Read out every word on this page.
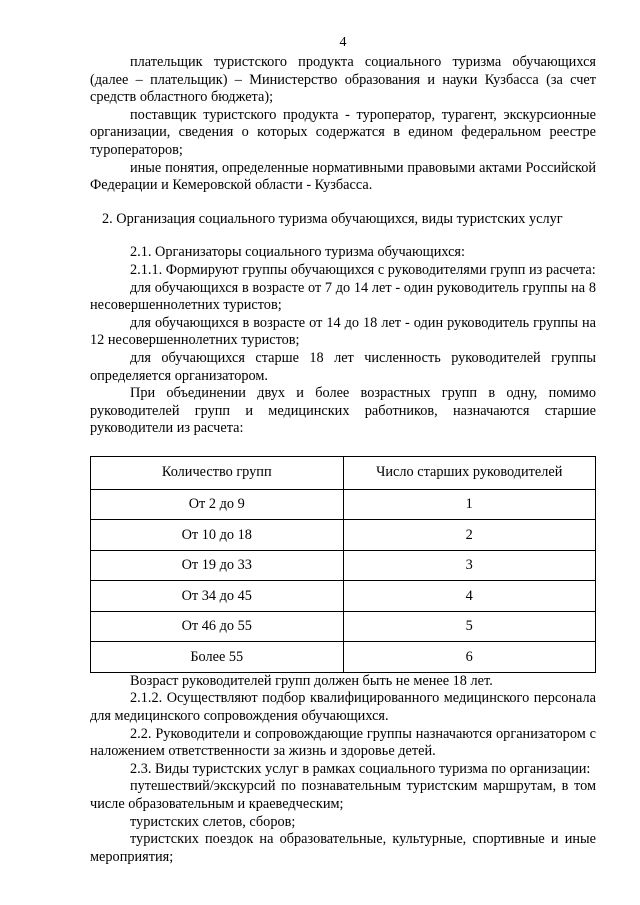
4

плательщик туристского продукта социального туризма обучающихся (далее – плательщик) – Министерство образования и науки Кузбасса (за счет средств областного бюджета);

поставщик туристского продукта - туроператор, турагент, экскурсионные организации, сведения о которых содержатся в едином федеральном реестре туроператоров;

иные понятия, определенные нормативными правовыми актами Российской Федерации и Кемеровской области - Кузбасса.

2. Организация социального туризма обучающихся, виды туристских услуг

2.1. Организаторы социального туризма обучающихся:

2.1.1. Формируют группы обучающихся с руководителями групп из расчета:

для обучающихся в возрасте от 7 до 14 лет - один руководитель группы на 8 несовершеннолетних туристов;

для обучающихся в возрасте от 14 до 18 лет - один руководитель группы на 12 несовершеннолетних туристов;

для обучающихся старше 18 лет численность руководителей группы определяется организатором.

При объединении двух и более возрастных групп в одну, помимо руководителей групп и медицинских работников, назначаются старшие руководители из расчета:

Количество групп	Число старших руководителей
От 2 до 9	1
От 10 до 18	2
От 19 до 33	3
От 34 до 45	4
От 46 до 55	5
Более 55	6

Возраст руководителей групп должен быть не менее 18 лет.

2.1.2. Осуществляют подбор квалифицированного медицинского персонала для медицинского сопровождения обучающихся.

2.2. Руководители и сопровождающие группы назначаются организатором с наложением ответственности за жизнь и здоровье детей.

2.3. Виды туристских услуг в рамках социального туризма по организации:

путешествий/экскурсий по познавательным туристским маршрутам, в том числе образовательным и краеведческим;

туристских слетов, сборов;

туристских поездок на образовательные, культурные, спортивные и иные мероприятия;
